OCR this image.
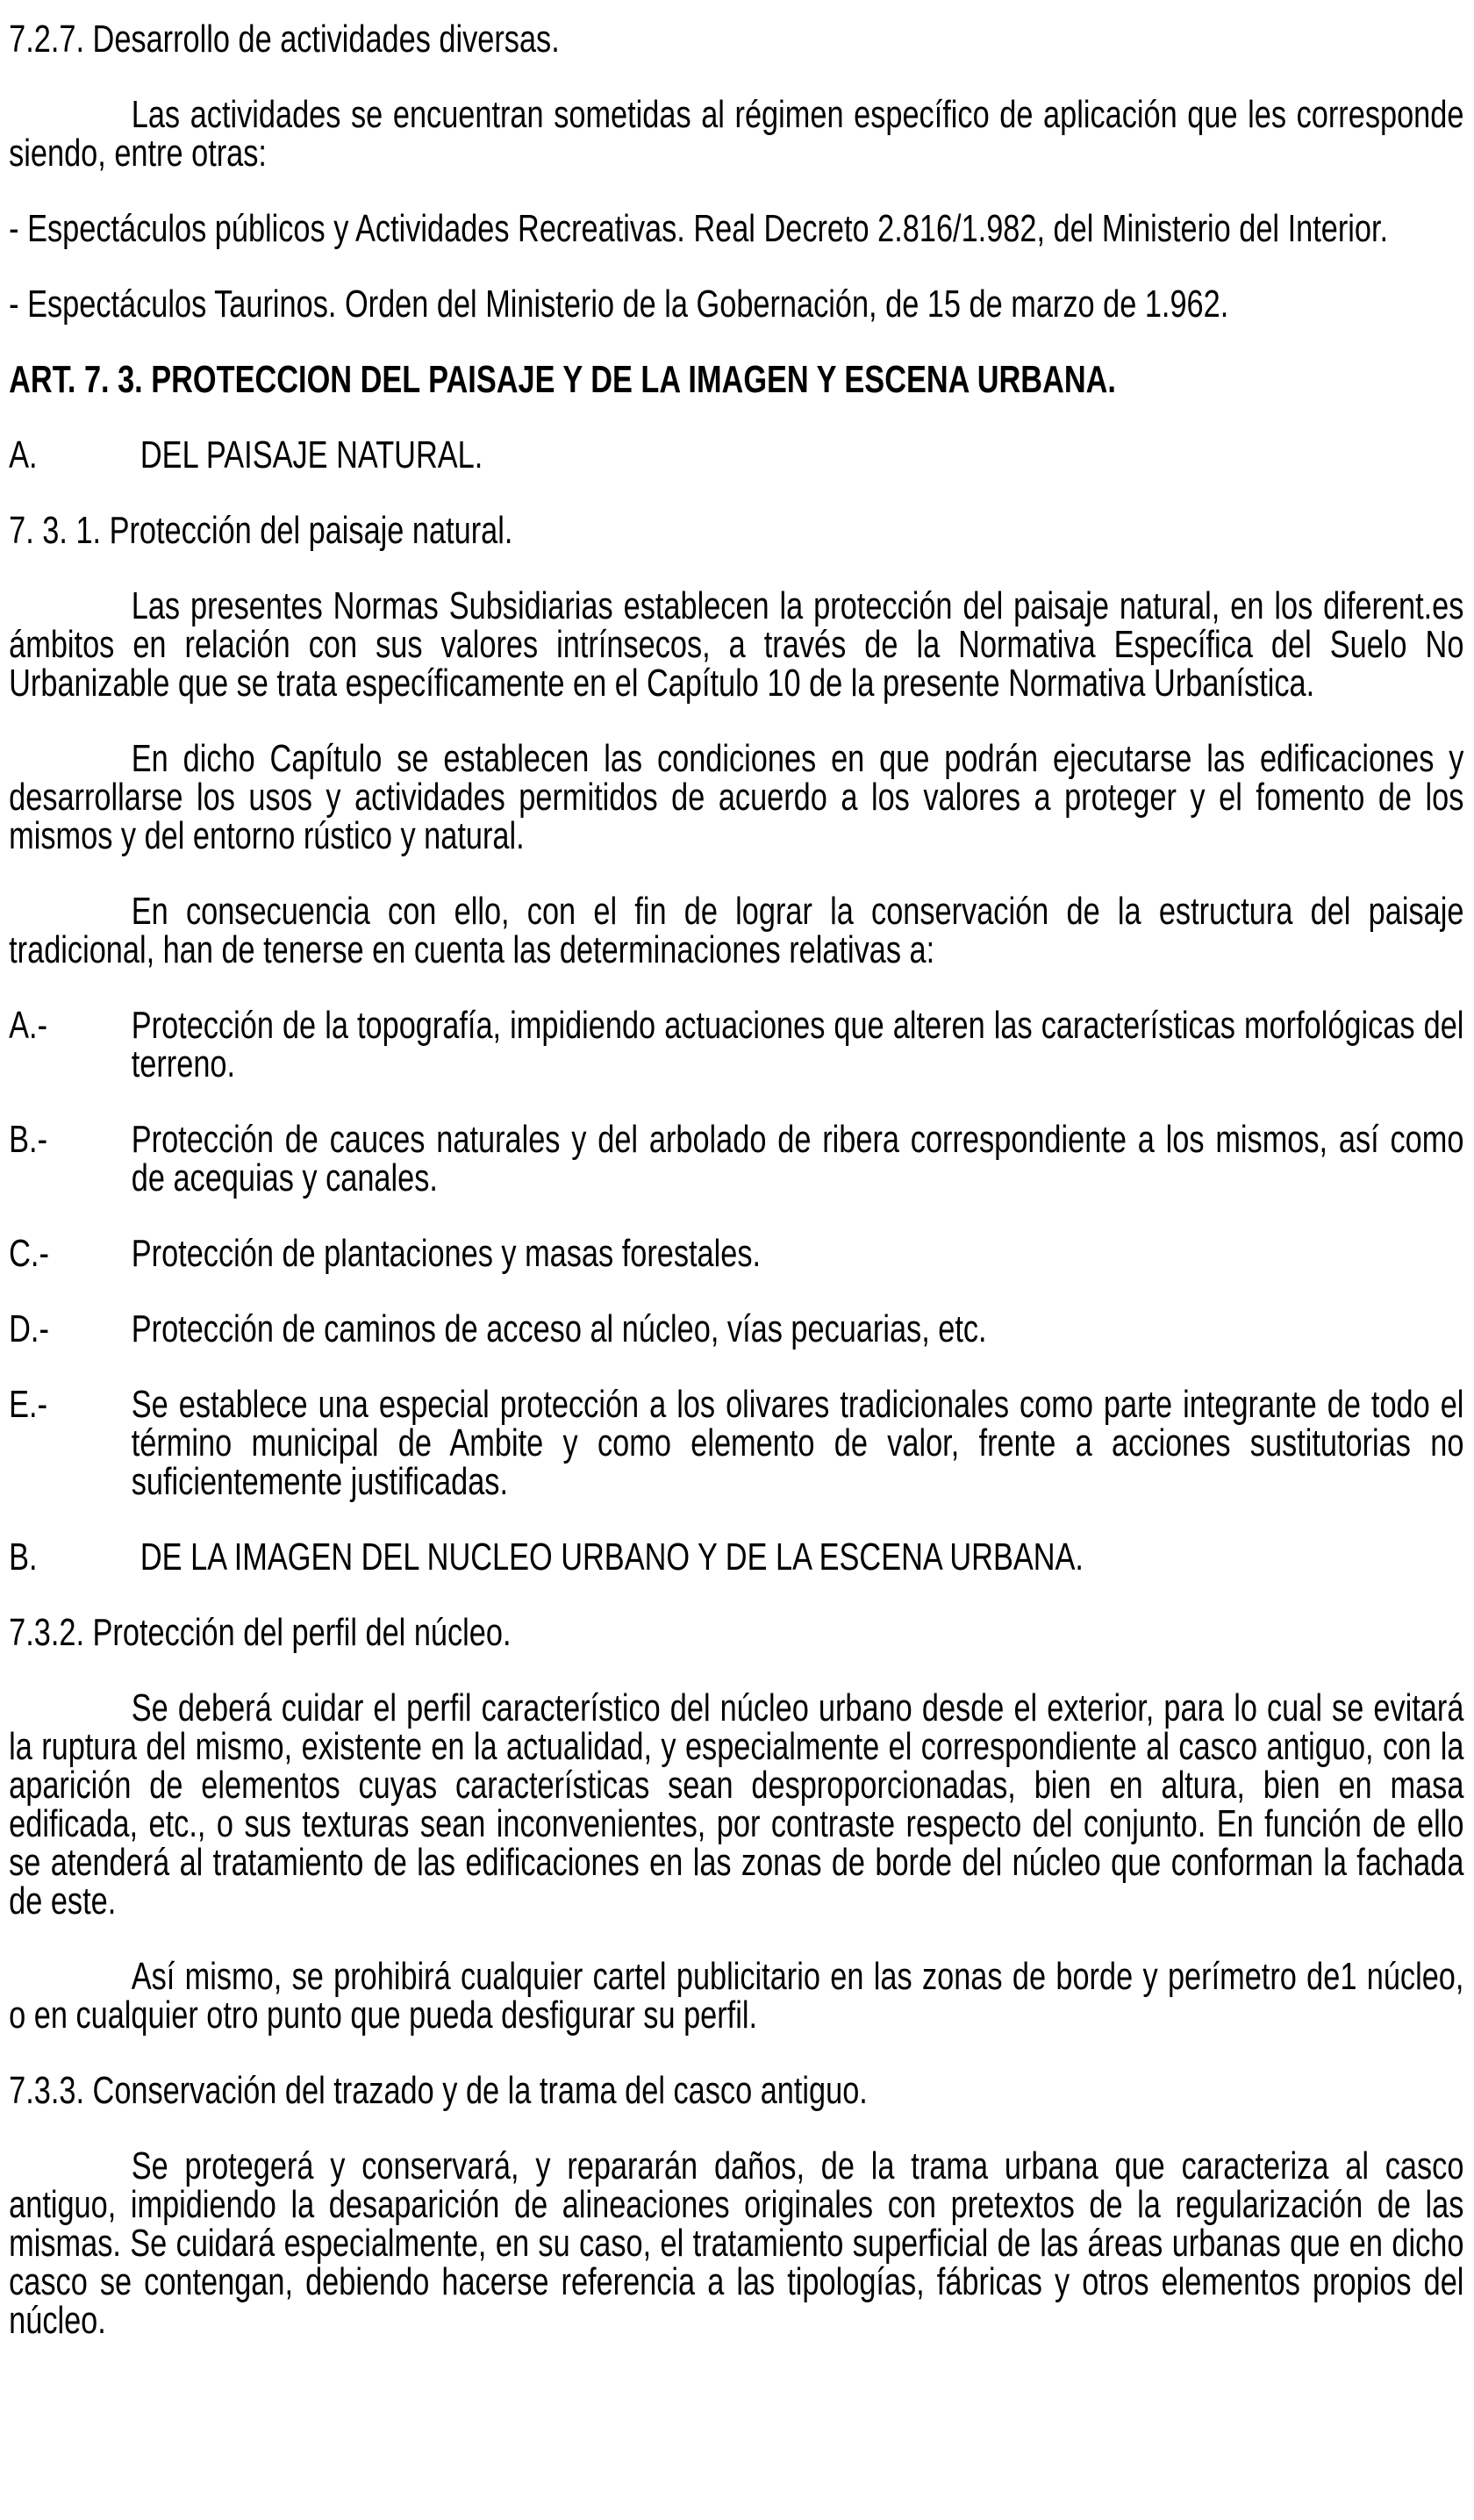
7.2.7. Desarrollo de actividades diversas.

Las actividades se encuentran sometidas al régimen específico de aplicación que les corresponde siendo, entre otras:

- Espectáculos públicos y Actividades Recreativas. Real Decreto 2.816/1.982, del Ministerio del Interior.

- Espectáculos Taurinos. Orden del Ministerio de la Gobernación, de 15 de marzo de 1.962.

ART. 7. 3. PROTECCION DEL PAISAJE Y DE LA IMAGEN Y ESCENA URBANA.
A.	DEL PAISAJE NATURAL.
7. 3. 1. Protección del paisaje natural.

Las presentes Normas Subsidiarias establecen la protección del paisaje natural, en los diferent.es ámbitos en relación con sus valores intrínsecos, a través de la Normativa Específica del Suelo No Urbanizable que se trata específicamente en el Capítulo 10 de la presente Normativa Urbanística.

En dicho Capítulo se establecen las condiciones en que podrán ejecutarse las edificaciones y desarrollarse los usos y actividades permitidos de acuerdo a los valores a proteger y el fomento de los mismos y del entorno rústico y natural.

En consecuencia con ello, con el fin de lograr la conservación de la estructura del paisaje tradicional, han de tenerse en cuenta las determinaciones relativas a:

A.- Protección de la topografía, impidiendo actuaciones que alteren las características morfológicas del terreno.
B.- Protección de cauces naturales y del arbolado de ribera correspondiente a los mismos, así como de acequias y canales.
C.- Protección de plantaciones y masas forestales.
D.- Protección de caminos de acceso al núcleo, vías pecuarias, etc.
E.- Se establece una especial protección a los olivares tradicionales como parte integrante de todo el término municipal de Ambite y como elemento de valor, frente a acciones sustitutorias no suficientemente justificadas.
B.	DE LA IMAGEN DEL NUCLEO URBANO Y DE LA ESCENA URBANA.
7.3.2. Protección del perfil del núcleo.

Se deberá cuidar el perfil característico del núcleo urbano desde el exterior, para lo cual se evitará la ruptura del mismo, existente en la actualidad, y especialmente el correspondiente al casco antiguo, con la aparición de elementos cuyas características sean desproporcionadas, bien en altura, bien en masa edificada, etc., o sus texturas sean inconvenientes, por contraste respecto del conjunto. En función de ello se atenderá al tratamiento de las edificaciones en las zonas de borde del núcleo que conforman la fachada de este.

Así mismo, se prohibirá cualquier cartel publicitario en las zonas de borde y perímetro de1 núcleo, o en cualquier otro punto que pueda desfigurar su perfil.

7.3.3. Conservación del trazado y de la trama del casco antiguo.

Se protegerá y conservará, y repararán daños, de la trama urbana que caracteriza al casco antiguo, impidiendo la desaparición de alineaciones originales con pretextos de la regularización de las mismas. Se cuidará especialmente, en su caso, el tratamiento superficial de las áreas urbanas que en dicho casco se contengan, debiendo hacerse referencia a las tipologías, fábricas y otros elementos propios del núcleo.
